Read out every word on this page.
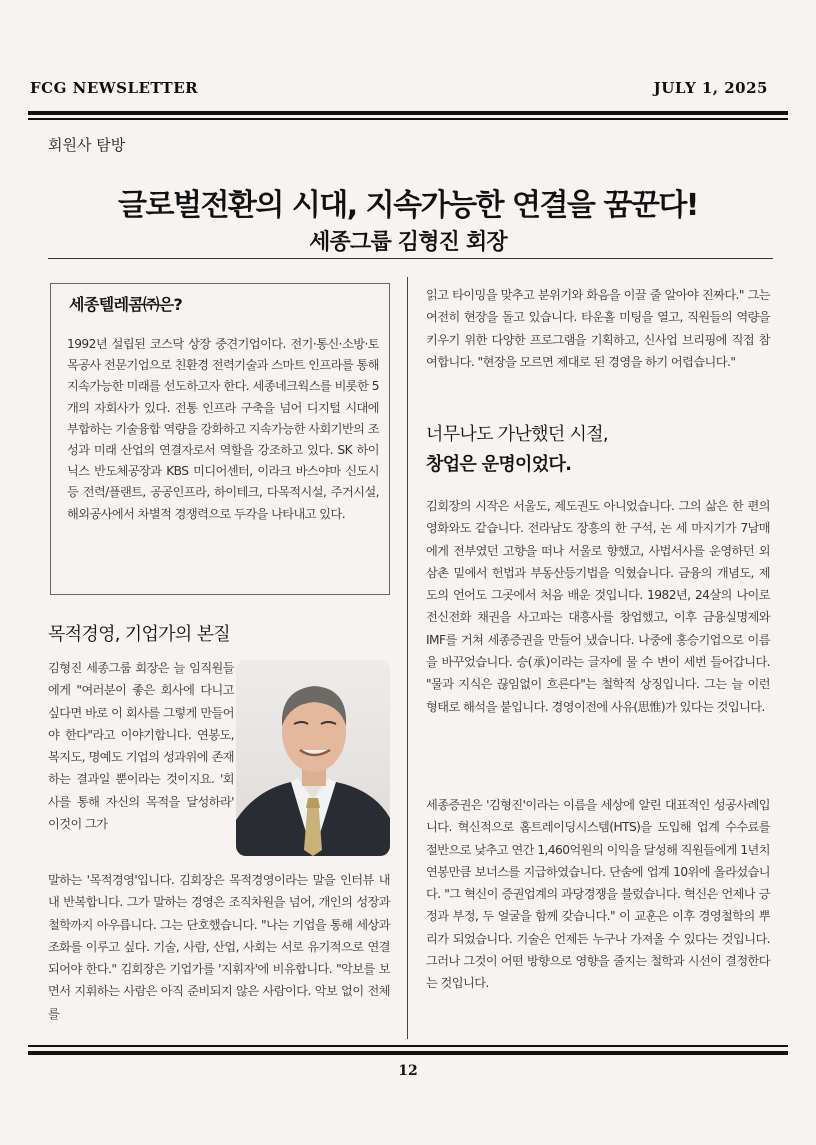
FCG NEWSLETTER	JULY 1, 2025
회원사 탐방
글로벌전환의 시대, 지속가능한 연결을 꿈꾼다!
세종그룹 김형진 회장
세종텔레콤㈜은?

1992년 설립된 코스닥 상장 중견기업이다. 전기·통신·소방·토목공사 전문기업으로 친환경 전력기술과 스마트 인프라를 통해 지속가능한 미래를 선도하고자 한다. 세종네크웍스를 비롯한 5개의 자회사가 있다. 전통 인프라 구축을 넘어 디지털 시대에 부합하는 기술융합 역량을 강화하고 지속가능한 사회기반의 조성과 미래 산업의 연결자로서 역할을 강조하고 있다. SK 하이닉스 반도체공장과 KBS 미디어센터, 이라크 바스야마 신도시 등 전력/플랜트, 공공인프라, 하이테크, 다목적시설, 주거시설, 해외공사에서 차별적 경쟁력으로 두각을 나타내고 있다.

목적경영, 기업가의 본질

김형진 세종그룹 회장은 늘 임직원들에게 "여러분이 좋은 회사에 다니고 싶다면 바로 이 회사를 그렇게 만들어야 한다"라고 이야기합니다. 연봉도, 복지도, 명예도 기업의 성과위에 존재하는 결과일 뿐이라는 것이지요. '회사를 통해 자신의 목적을 달성하라' 이것이 그가

말하는 '목적경영'입니다. 김회장은 목적경영이라는 말을 인터뷰 내내 반복합니다. 그가 말하는 경영은 조직차원을 넘어, 개인의 성장과 철학까지 아우릅니다. 그는 단호했습니다. "나는 기업을 통해 세상과 조화를 이루고 싶다. 기술, 사람, 산업, 사회는 서로 유기적으로 연결되어야 한다." 김회장은 기업가를 '지휘자'에 비유합니다. "악보를 보면서 지휘하는 사람은 아직 준비되지 않은 사람이다. 악보 없이 전체를

읽고 타이밍을 맞추고 분위기와 화음을 이끌 줄 알아야 진짜다." 그는 여전히 현장을 돌고 있습니다. 타운홀 미팅을 열고, 직원들의 역량을 키우기 위한 다양한 프로그램을 기획하고, 신사업 브리핑에 직접 참여합니다. "현장을 모르면 제대로 된 경영을 하기 어렵습니다."

너무나도 가난했던 시절,
창업은 운명이었다.

김회장의 시작은 서울도, 제도권도 아니었습니다. 그의 삶은 한 편의 영화와도 같습니다. 전라남도 장흥의 한 구석, 논 세 마지기가 7남매에게 전부였던 고향을 떠나 서울로 향했고, 사법서사를 운영하던 외삼촌 밑에서 헌법과 부동산등기법을 익혔습니다. 금융의 개념도, 제도의 언어도 그곳에서 처음 배운 것입니다. 1982년, 24살의 나이로 전신전화 채권을 사고파는 대흥사를 창업했고, 이후 금융실명제와 IMF를 거쳐 세종증권을 만들어 냈습니다. 나중에 홍승기업으로 이름을 바꾸었습니다. 승(承)이라는 글자에 물 수 변이 세번 들어갑니다. "물과 지식은 끊임없이 흐른다"는 철학적 상징입니다. 그는 늘 이런 형태로 해석을 붙입니다. 경영이전에 사유(思惟)가 있다는 것입니다.

세종증권은 '김형진'이라는 이름을 세상에 알린 대표적인 성공사례입니다. 혁신적으로 홈트레이딩시스템(HTS)을 도입해 업계 수수료를 절반으로 낮추고 연간 1,460억원의 이익을 달성해 직원들에게 1년치 연봉만큼 보너스를 지급하였습니다. 단숨에 업계 10위에 올라섰습니다. "그 혁신이 증권업계의 과당경쟁을 불렀습니다. 혁신은 언제나 긍정과 부정, 두 얼굴을 함께 갖습니다." 이 교훈은 이후 경영철학의 뿌리가 되었습니다. 기술은 언제든 누구나 가져올 수 있다는 것입니다. 그러나 그것이 어떤 방향으로 영향을 줄지는 철학과 시선이 결정한다는 것입니다.

12
